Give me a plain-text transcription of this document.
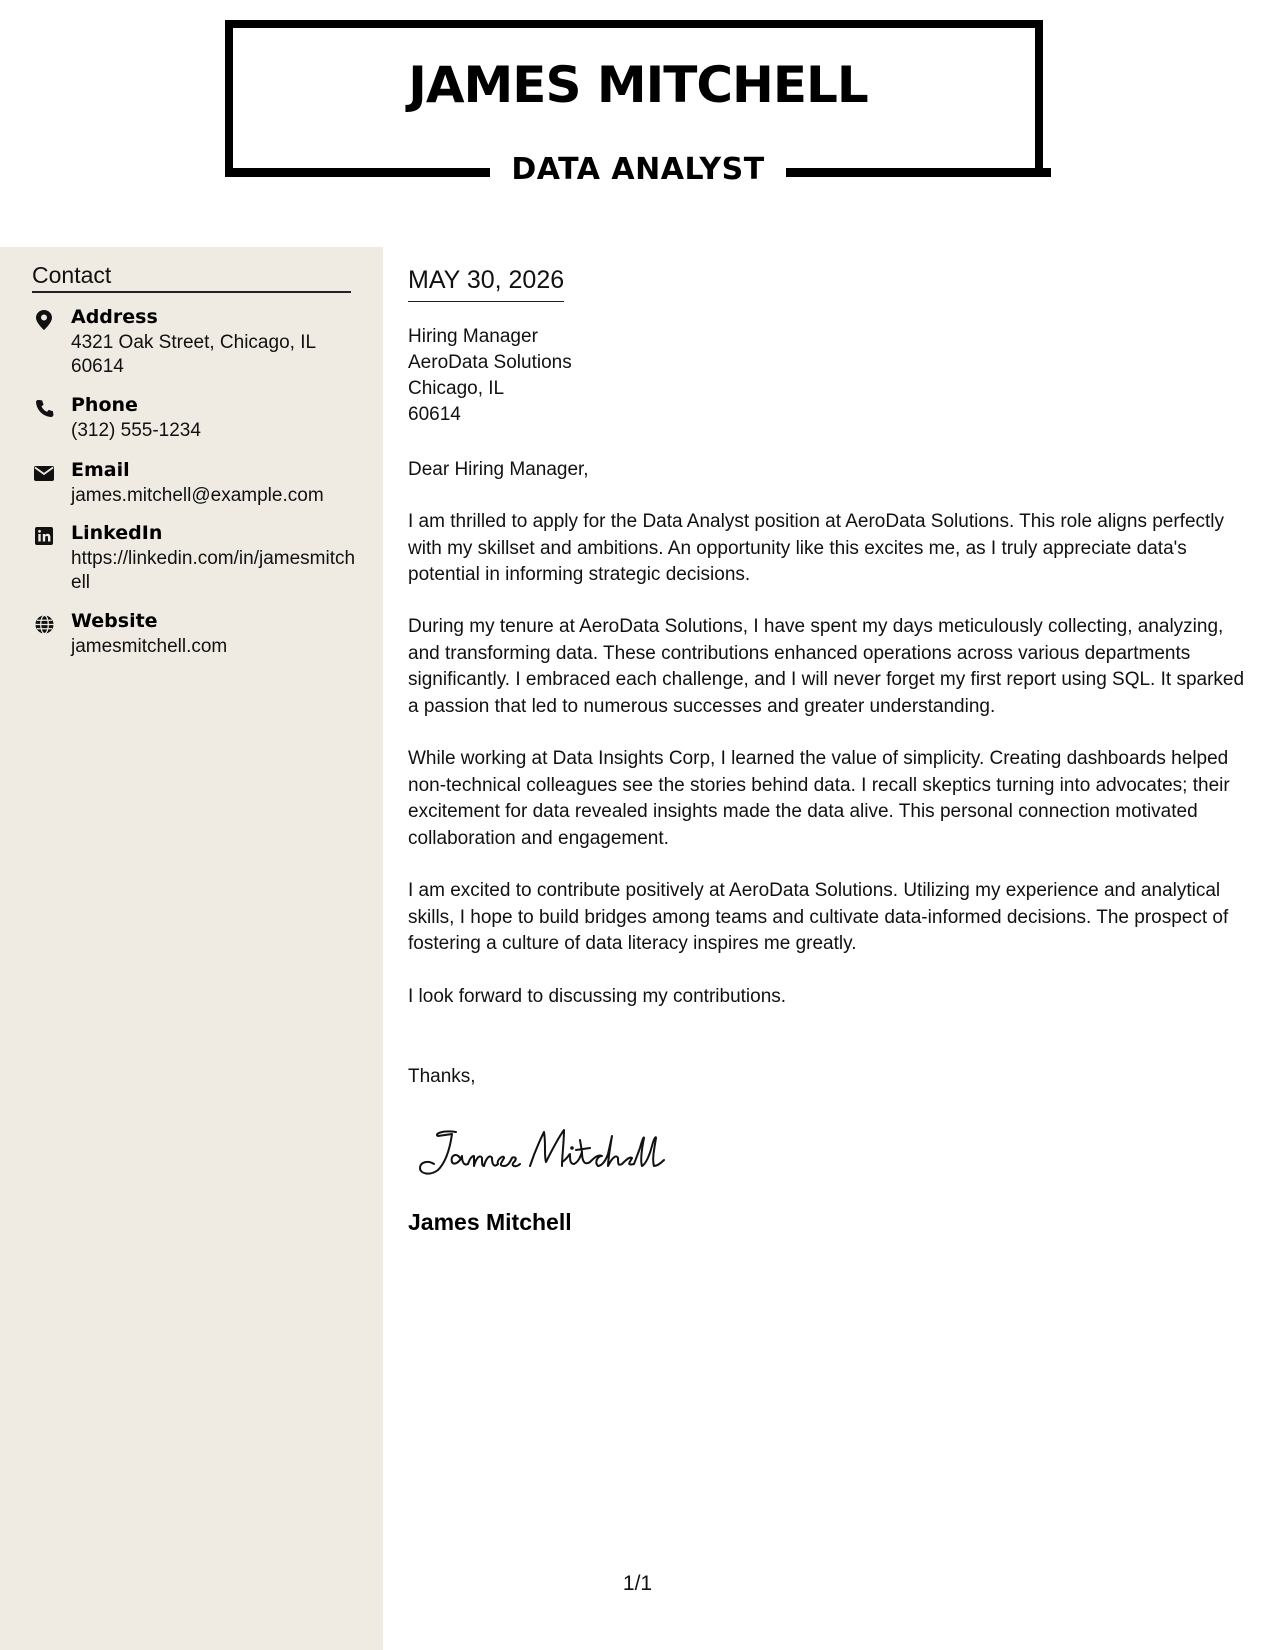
JAMES MITCHELL
DATA ANALYST
Contact
Address
4321 Oak Street, Chicago, IL 60614
Phone
(312) 555-1234
Email
james.mitchell@example.com
LinkedIn
https://linkedin.com/in/jamesmitchell
Website
jamesmitchell.com
MAY 30, 2026
Hiring Manager
AeroData Solutions
Chicago, IL
60614
Dear Hiring Manager,
I am thrilled to apply for the Data Analyst position at AeroData Solutions. This role aligns perfectly with my skillset and ambitions. An opportunity like this excites me, as I truly appreciate data's potential in informing strategic decisions.
During my tenure at AeroData Solutions, I have spent my days meticulously collecting, analyzing, and transforming data. These contributions enhanced operations across various departments significantly. I embraced each challenge, and I will never forget my first report using SQL. It sparked a passion that led to numerous successes and greater understanding.
While working at Data Insights Corp, I learned the value of simplicity. Creating dashboards helped non-technical colleagues see the stories behind data. I recall skeptics turning into advocates; their excitement for data revealed insights made the data alive. This personal connection motivated collaboration and engagement.
I am excited to contribute positively at AeroData Solutions. Utilizing my experience and analytical skills, I hope to build bridges among teams and cultivate data-informed decisions. The prospect of fostering a culture of data literacy inspires me greatly.
I look forward to discussing my contributions.
Thanks,
James Mitchell
1/1
